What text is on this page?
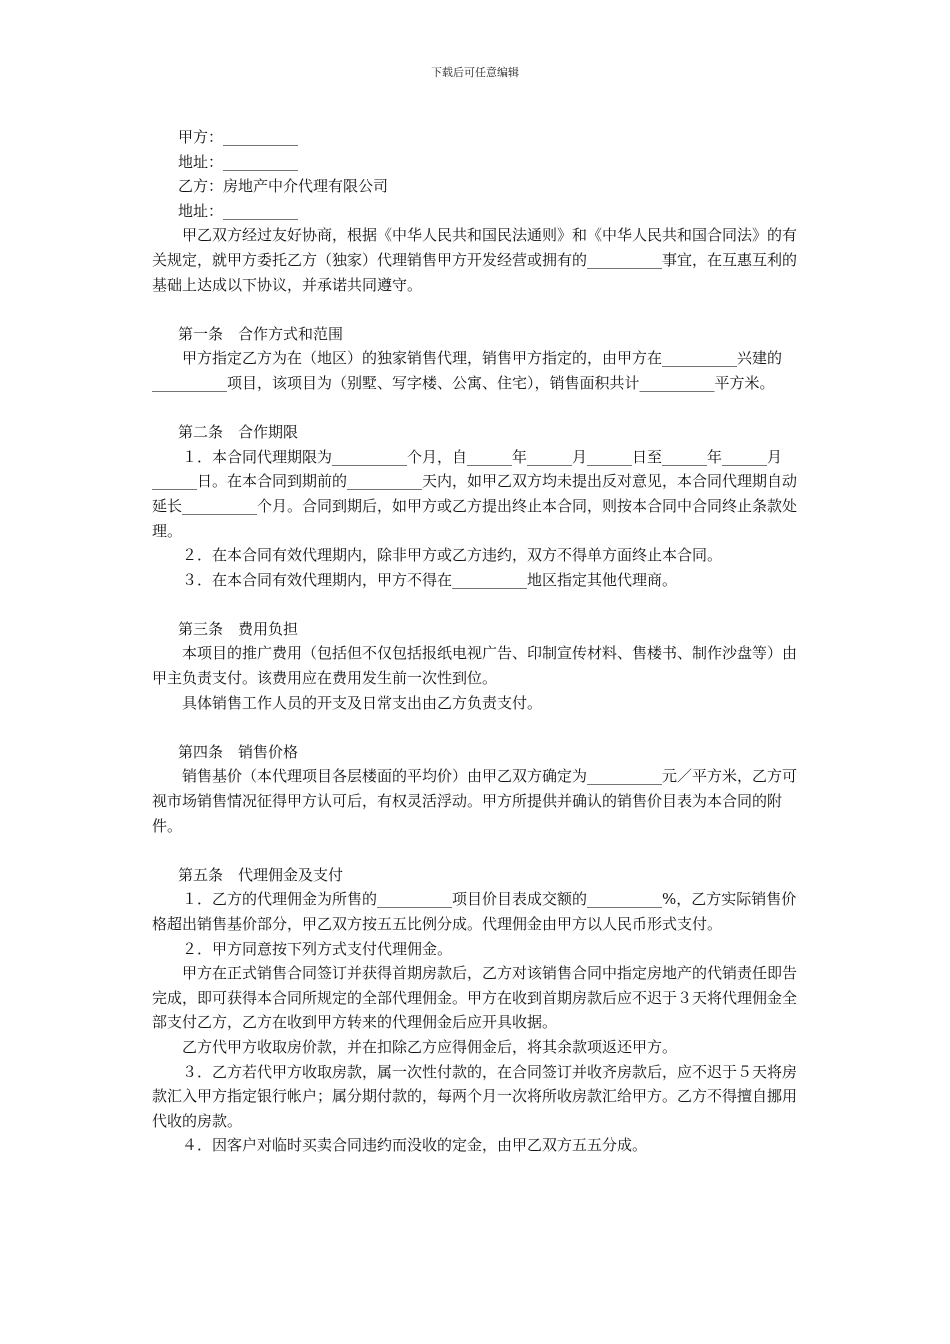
下载后可任意编辑
甲方：__________
地址：__________
乙方：房地产中介代理有限公司
地址：__________

甲乙双方经过友好协商，根据《中华人民共和国民法通则》和《中华人民共和国合同法》的有关规定，就甲方委托乙方（独家）代理销售甲方开发经营或拥有的__________事宜，在互惠互利的基础上达成以下协议，并承诺共同遵守。

第一条　合作方式和范围

甲方指定乙方为在（地区）的独家销售代理，销售甲方指定的，由甲方在__________兴建的__________项目，该项目为（别墅、写字楼、公寓、住宅），销售面积共计__________平方米。

第二条　合作期限

１．本合同代理期限为__________个月，自______年______月______日至______年______月______日。在本合同到期前的__________天内，如甲乙双方均未提出反对意见，本合同代理期自动延长__________个月。合同到期后，如甲方或乙方提出终止本合同，则按本合同中合同终止条款处理。

２．在本合同有效代理期内，除非甲方或乙方违约，双方不得单方面终止本合同。

３．在本合同有效代理期内，甲方不得在__________地区指定其他代理商。

第三条　费用负担

本项目的推广费用（包括但不仅包括报纸电视广告、印制宣传材料、售楼书、制作沙盘等）由甲主负责支付。该费用应在费用发生前一次性到位。

具体销售工作人员的开支及日常支出由乙方负责支付。

第四条　销售价格

销售基价（本代理项目各层楼面的平均价）由甲乙双方确定为__________元／平方米，乙方可视市场销售情况征得甲方认可后，有权灵活浮动。甲方所提供并确认的销售价目表为本合同的附件。

第五条　代理佣金及支付

１．乙方的代理佣金为所售的__________项目价目表成交额的__________%，乙方实际销售价格超出销售基价部分，甲乙双方按五五比例分成。代理佣金由甲方以人民币形式支付。

２．甲方同意按下列方式支付代理佣金。

甲方在正式销售合同签订并获得首期房款后，乙方对该销售合同中指定房地产的代销责任即告完成，即可获得本合同所规定的全部代理佣金。甲方在收到首期房款后应不迟于３天将代理佣金全部支付乙方，乙方在收到甲方转来的代理佣金后应开具收据。

乙方代甲方收取房价款，并在扣除乙方应得佣金后，将其余款项返还甲方。

３．乙方若代甲方收取房款，属一次性付款的，在合同签订并收齐房款后，应不迟于５天将房款汇入甲方指定银行帐户；属分期付款的，每两个月一次将所收房款汇给甲方。乙方不得擅自挪用代收的房款。

４．因客户对临时买卖合同违约而没收的定金，由甲乙双方五五分成。
